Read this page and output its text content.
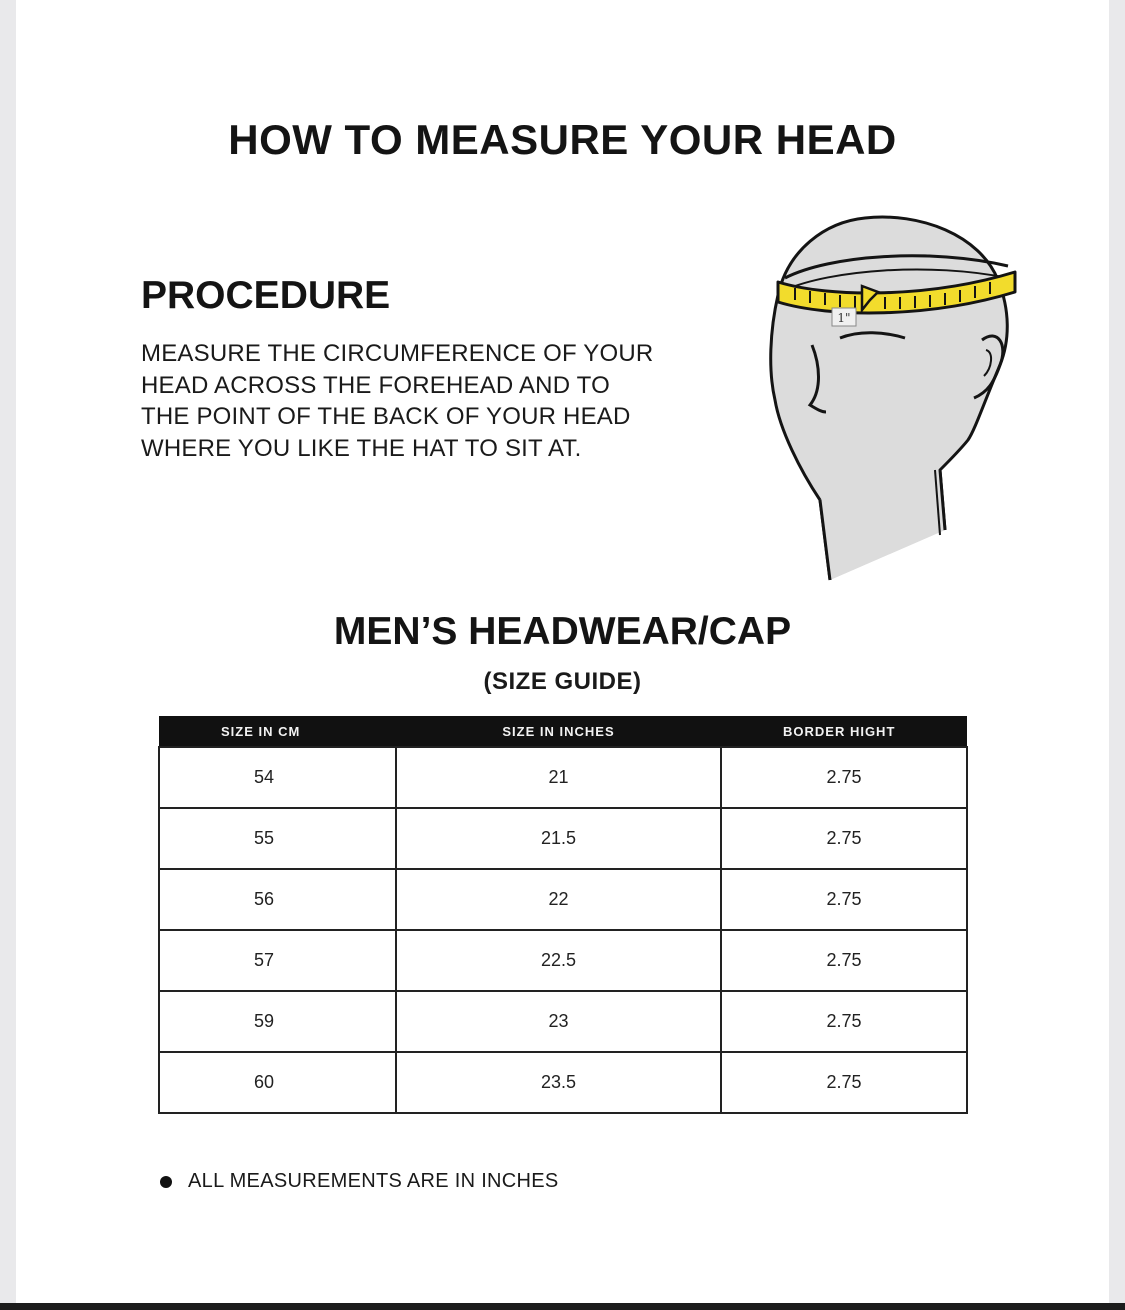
HOW TO MEASURE YOUR HEAD
PROCEDURE

MEASURE THE CIRCUMFERENCE OF YOUR
HEAD ACROSS THE FOREHEAD AND TO
THE POINT OF THE BACK OF YOUR HEAD
WHERE YOU LIKE THE HAT TO SIT AT.

1"
MEN’S HEADWEAR/CAP

(SIZE GUIDE)

SIZE IN CM	SIZE IN INCHES	BORDER HIGHT
54	21	2.75
55	21.5	2.75
56	22	2.75
57	22.5	2.75
59	23	2.75
60	23.5	2.75

ALL MEASUREMENTS ARE IN INCHES
